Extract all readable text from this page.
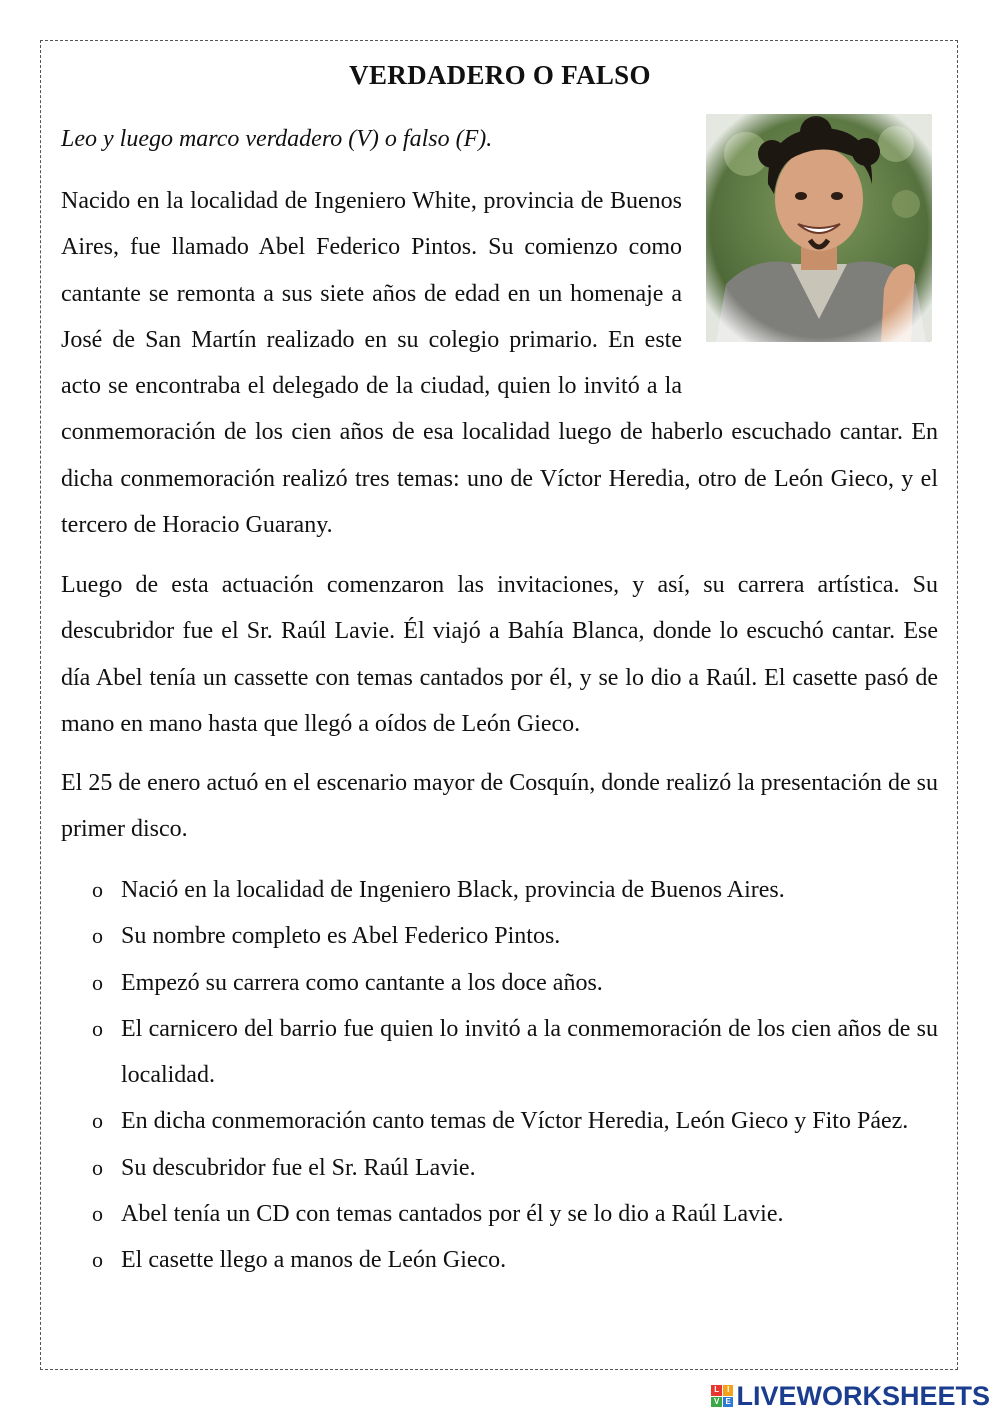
VERDADERO O FALSO
Leo y luego marco verdadero (V) o falso (F).
Nacido en la localidad de Ingeniero White, provincia de Buenos Aires, fue llamado Abel Federico Pintos. Su comienzo como cantante se remonta a sus siete años de edad en un homenaje a José de San Martín realizado en su colegio primario. En este acto se encontraba el delegado de la ciudad, quien lo invitó a la conmemoración de los cien años de esa localidad luego de haberlo escuchado cantar. En dicha conmemoración realizó tres temas: uno de Víctor Heredia, otro de León Gieco, y el tercero de Horacio Guarany.

Luego de esta actuación comenzaron las invitaciones, y así, su carrera artística. Su descubridor fue el Sr. Raúl Lavie. Él viajó a Bahía Blanca, donde lo escuchó cantar. Ese día Abel tenía un cassette con temas cantados por él, y se lo dio a Raúl. El casette pasó de mano en mano hasta que llegó a oídos de León Gieco.

El 25 de enero actuó en el escenario mayor de Cosquín, donde realizó la presentación de su primer disco.

o Nació en la localidad de Ingeniero Black, provincia de Buenos Aires.
o Su nombre completo es Abel Federico Pintos.
o Empezó su carrera como cantante a los doce años.
o El carnicero del barrio fue quien lo invitó a la conmemoración de los cien años de su localidad.
o En dicha conmemoración canto temas de Víctor Heredia, León Gieco y Fito Páez.
o Su descubridor fue el Sr. Raúl Lavie.
o Abel tenía un CD con temas cantados por él y se lo dio a Raúl Lavie.
o El casette llego a manos de León Gieco.
L I
V E LIVEWORKSHEETS
